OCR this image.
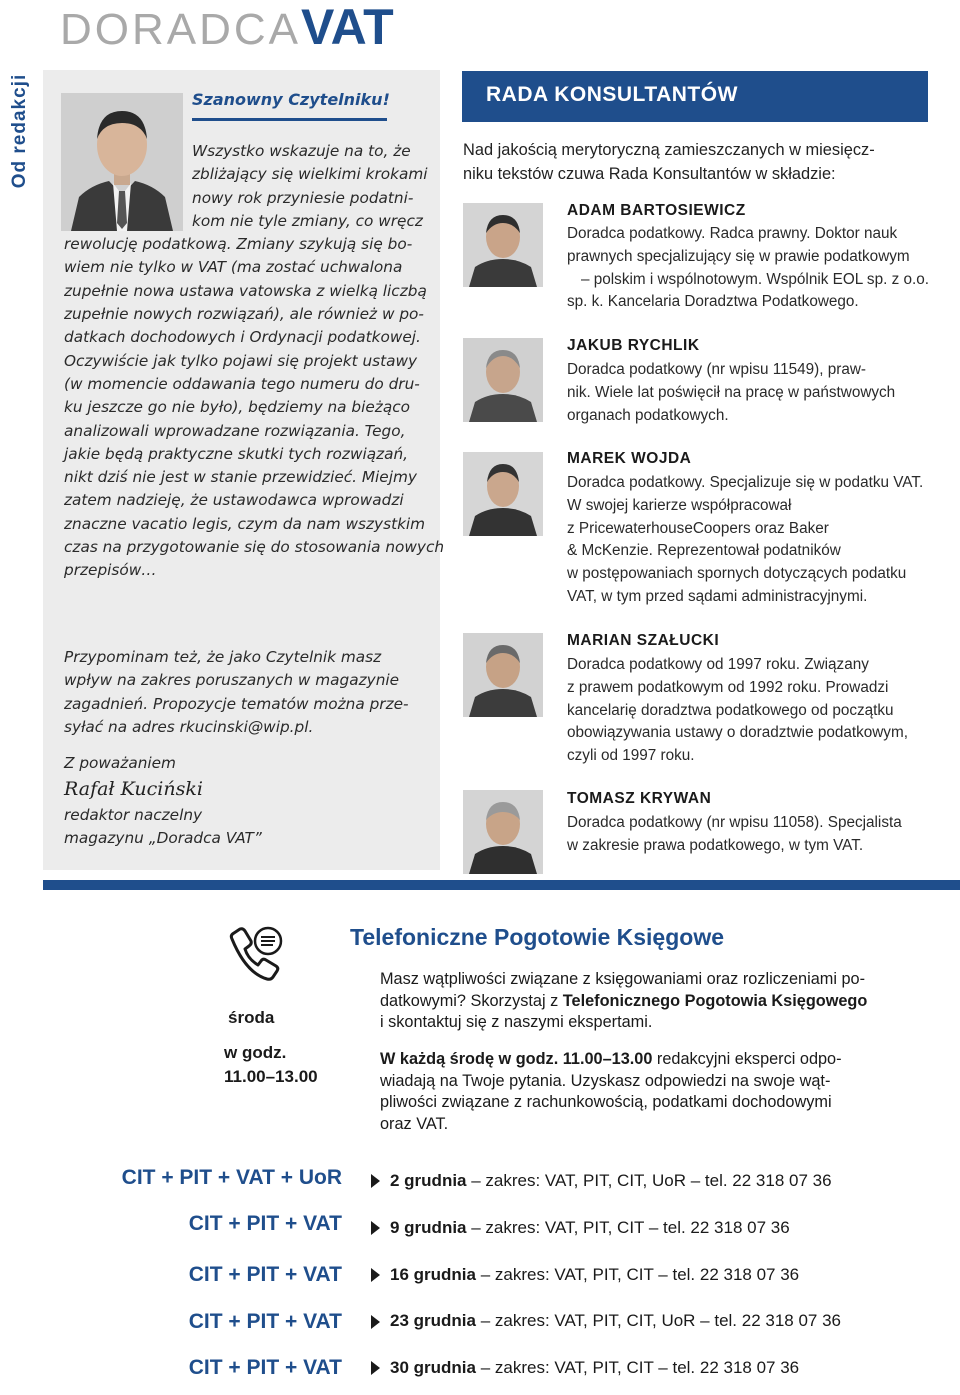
DORADCAVAT
Od redakcji	Szanowny Czytelniku!
Wszystko wskazuje na to, że
zbliżający się wielkimi krokami
nowy rok przyniesie podatni-
kom nie tyle zmiany, co wręcz
rewolucję podatkową. Zmiany szykują się bo-
wiem nie tylko w VAT (ma zostać uchwalona
zupełnie nowa ustawa vatowska z wielką liczbą
zupełnie nowych rozwiązań), ale również w po-
datkach dochodowych i Ordynacji podatkowej.
Oczywiście jak tylko pojawi się projekt ustawy
(w momencie oddawania tego numeru do dru-
ku jeszcze go nie było), będziemy na bieżąco
analizowali wprowadzane rozwiązania. Tego,
jakie będą praktyczne skutki tych rozwiązań,
nikt dziś nie jest w stanie przewidzieć. Miejmy
zatem nadzieję, że ustawodawca wprowadzi
znaczne vacatio legis, czym da nam wszystkim
czas na przygotowanie się do stosowania nowych
przepisów…
Przypominam też, że jako Czytelnik masz
wpływ na zakres poruszanych w magazynie
zagadnień. Propozycje tematów można prze-
syłać na adres rkucinski@wip.pl.
Z poważaniem
Rafał Kuciński
redaktor naczelny
magazynu „Doradca VAT”
RADA KONSULTANTÓW
Nad jakością merytoryczną zamieszczanych w miesięcz-
niku tekstów czuwa Rada Konsultantów w składzie:
ADAM BARTOSIEWICZ
Doradca podatkowy. Radca prawny. Doktor nauk
prawnych specjalizujący się w prawie podatkowym
– polskim i wspólnotowym. Wspólnik EOL sp. z o.o.
sp. k. Kancelaria Doradztwa Podatkowego.
JAKUB RYCHLIK
Doradca podatkowy (nr wpisu 11549), praw-
nik. Wiele lat poświęcił na pracę w państwowych
organach podatkowych.
MAREK WOJDA
Doradca podatkowy. Specjalizuje się w podatku VAT.
W swojej karierze współpracował
z PricewaterhouseCoopers oraz Baker
& McKenzie. Reprezentował podatników
w postępowaniach spornych dotyczących podatku
VAT, w tym przed sądami administracyjnymi.
MARIAN SZAŁUCKI
Doradca podatkowy od 1997 roku. Związany
z prawem podatkowym od 1992 roku. Prowadzi
kancelarię doradztwa podatkowego od początku
obowiązywania ustawy o doradztwie podatkowym,
czyli od 1997 roku.
TOMASZ KRYWAN
Doradca podatkowy (nr wpisu 11058). Specjalista
w zakresie prawa podatkowego, w tym VAT.
środa
w godz.
11.00–13.00
Telefoniczne Pogotowie Księgowe
Masz wątpliwości związane z księgowaniami oraz rozliczeniami po-
datkowymi? Skorzystaj z Telefonicznego Pogotowia Księgowego
i skontaktuj się z naszymi ekspertami.
W każdą środę w godz. 11.00–13.00 redakcyjni eksperci odpo-
wiadają na Twoje pytania. Uzyskasz odpowiedzi na swoje wąt-
pliwości związane z rachunkowością, podatkami dochodowymi
oraz VAT.
CIT + PIT + VAT + UoR	2 grudnia – zakres: VAT, PIT, CIT, UoR – tel. 22 318 07 36
CIT + PIT + VAT	9 grudnia – zakres: VAT, PIT, CIT – tel. 22 318 07 36
CIT + PIT + VAT	16 grudnia – zakres: VAT, PIT, CIT – tel. 22 318 07 36
CIT + PIT + VAT	23 grudnia – zakres: VAT, PIT, CIT, UoR – tel. 22 318 07 36
CIT + PIT + VAT	30 grudnia – zakres: VAT, PIT, CIT – tel. 22 318 07 36
